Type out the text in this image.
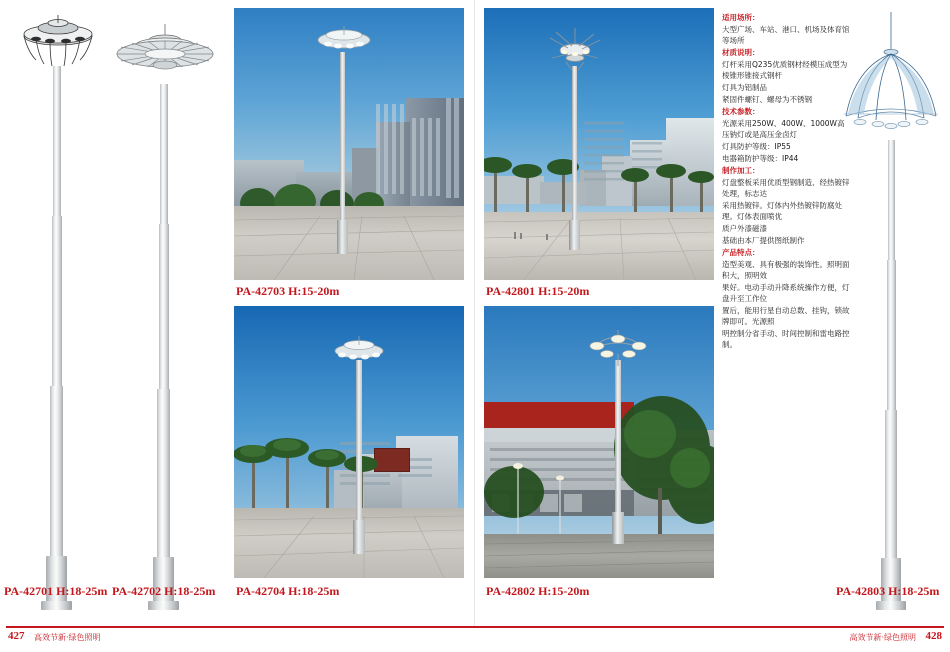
PA-42701 H:18-25m PA-42702 H:18-25m
PA-42703 H:15-20m
PA-42704 H:18-25m
PA-42801 H:15-20m
PA-42802 H:15-20m

适用场所：

大型广场、车站、港口、机场及体育馆等场所

材质说明：

灯杆采用Q235优质钢材经模压成型为棱锥形锥接式钢杆

灯具为铝制品

紧固件螺钉、螺母为不锈钢

技术参数：

光源采用250W、400W、1000W高压钠灯或是高压金卤灯

灯具防护等级：IP55

电器箱防护等级：IP44

制作加工：

灯盘整板采用优质型钢制造、经热镀锌处理，标志达

采用热镀锌。灯体内外热镀锌防腐处理。灯体表面喷优

质户外漆磁漆

基础由本厂提供图纸制作

产品特点：

造型美观、具有极强的装饰性。照明面积大，照明效

果好。电动手动升降系统操作方便，灯盘升至工作位

置后，能用行星自动总数、挂钩，锁故牌即可。光源照

明控制分省手动、时间控制和雷电路控制。

PA-42803 H:18-25m
427 高效节新·绿色照明	428
高效节新·绿色照明
